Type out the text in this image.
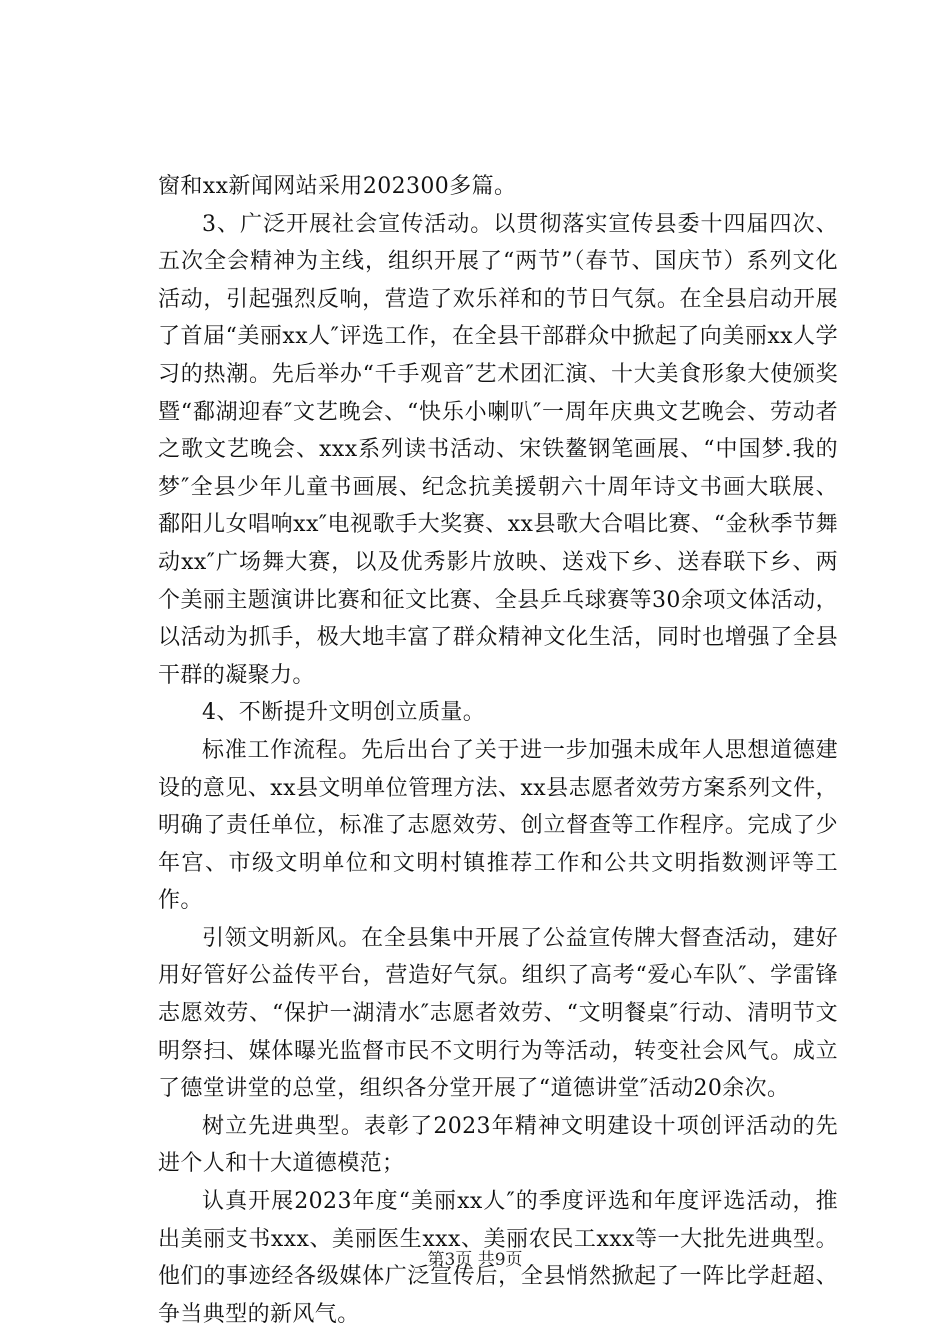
窗和xx新闻网站采用202300多篇。

3、广泛开展社会宣传活动。以贯彻落实宣传县委十四届四次、五次全会精神为主线，组织开展了“两节”（春节、国庆节）系列文化活动，引起强烈反响，营造了欢乐祥和的节日气氛。在全县启动开展了首届“美丽xx人″评选工作，在全县干部群众中掀起了向美丽xx人学习的热潮。先后举办“千手观音″艺术团汇演、十大美食形象大使颁奖暨“鄱湖迎春″文艺晚会、“快乐小喇叭″一周年庆典文艺晚会、劳动者之歌文艺晚会、xxx系列读书活动、宋铁鳌钢笔画展、“中国梦.我的梦″全县少年儿童书画展、纪念抗美援朝六十周年诗文书画大联展、鄱阳儿女唱响xx″电视歌手大奖赛、xx县歌大合唱比赛、“金秋季节舞动xx″广场舞大赛，以及优秀影片放映、送戏下乡、送春联下乡、两个美丽主题演讲比赛和征文比赛、全县乒乓球赛等30余项文体活动，以活动为抓手，极大地丰富了群众精神文化生活，同时也增强了全县干群的凝聚力。

4、不断提升文明创立质量。

标准工作流程。先后出台了关于进一步加强未成年人思想道德建设的意见、xx县文明单位管理方法、xx县志愿者效劳方案系列文件，明确了责任单位，标准了志愿效劳、创立督查等工作程序。完成了少年宫、市级文明单位和文明村镇推荐工作和公共文明指数测评等工作。

引领文明新风。在全县集中开展了公益宣传牌大督查活动，建好用好管好公益传平台，营造好气氛。组织了高考“爱心车队″、学雷锋志愿效劳、“保护一湖清水″志愿者效劳、“文明餐桌″行动、清明节文明祭扫、媒体曝光监督市民不文明行为等活动，转变社会风气。成立了德堂讲堂的总堂，组织各分堂开展了“道德讲堂″活动20余次。

树立先进典型。表彰了2023年精神文明建设十项创评活动的先进个人和十大道德模范；

认真开展2023年度“美丽xx人″的季度评选和年度评选活动，推出美丽支书xxx、美丽医生xxx、美丽农民工xxx等一大批先进典型。他们的事迹经各级媒体广泛宣传后，全县悄然掀起了一阵比学赶超、争当典型的新风气。

第3页 共9页
